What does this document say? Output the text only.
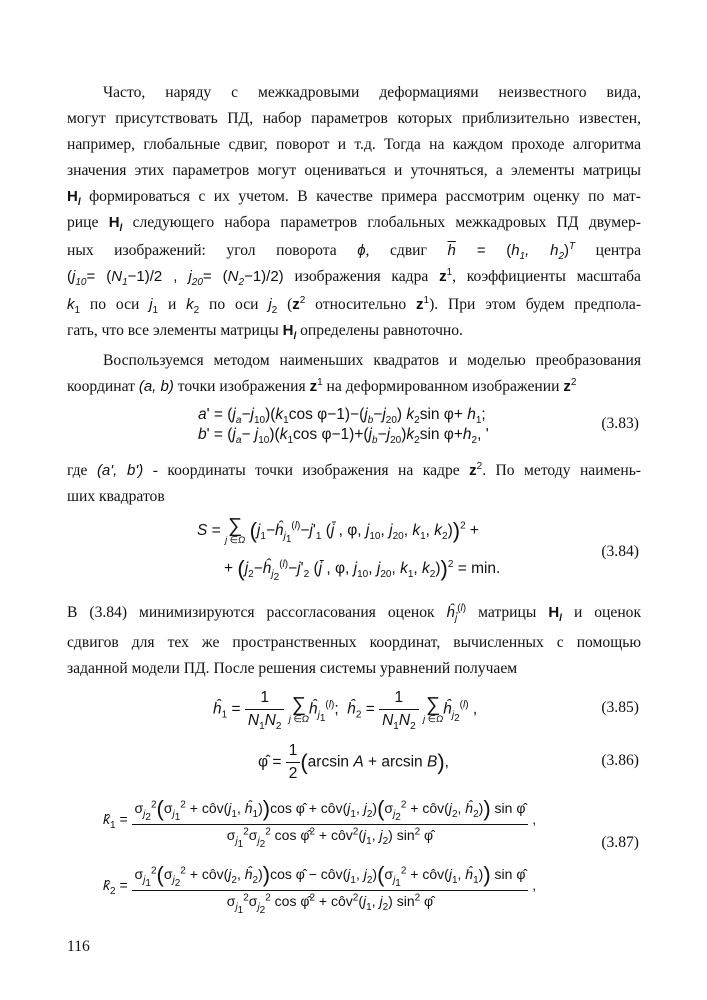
Часто, наряду с межкадровыми деформациями неизвестного вида,

могут присутствовать ПД, набор параметров которых приблизительно известен,

например, глобальные сдвиг, поворот и т.д. Тогда на каждом проходе алгоритма

значения этих параметров могут оцениваться и уточняться, а элементы матрицы

$H_l$ формироваться с их учетом. В качестве примера рассмотрим оценку по мат-

рице $H_l$ следующего набора параметров глобальных межкадровых ПД двумер-

ных изображений: угол поворота ϕ, сдвиг $\overline{h} = (h_1$, $h_2)^T$ центра

($j_{10}= (N_1-1)/2$ , $j_{20}= (N_2-1)/2$) изображения кадра $z^1$, коэффициенты масштаба

$k_1$ по оси $j_1$ и $k_2$ по оси $j_2$ ($z^2$ относительно $z^1$). При этом будем предпола-

гать, что все элементы матрицы $H_l$ определены равноточно.

Воспользуемся методом наименьших квадратов и моделью преобразования

координат (a, b) точки изображения $z^1$ на деформированном изображении $z^2$

$a' = (j_a-j_{10})(k_1\cos$ $\varphi-1)-(j_b-j_{20})$ $k_2\sin$ $\varphi+ h_1$;
$b' = (j_a- j_{10})(k_1\cos$ $\varphi-1)+(j_b-j_{20})k_2\sin$ $\varphi+h_2$, '
(3.83)

где (a', b') - координаты точки изображения на кадре $z^2$. По методу наимень-

ших квадратов

S = ∑
j ∈Ω ($j_1-ĥ_{j_1}^{(l)}-j'_1$ (j̄ , φ, $j_{10}$, $j_{20}$, $k_1$, $k_2))^2$ +
+ ($j_2-ĥ_{j_2}^{(l)}-j'_2$ (j̄ , φ, $j_{10}$, $j_{20}$, $k_1$, $k_2))^2 = \min$.
(3.84)

В (3.84) минимизируются рассогласования оценок $ĥ_{j̄}^{(l)}$ матрицы $H_l$ и оценок

сдвигов для тех же пространственных координат, вычисленных с помощью

заданной модели ПД. После решения системы уравнений получаем

$ĥ_1 = \frac{1}{N_1N_2}$
∑
j ∈Ω
$ĥ_{j_1}^{(l)}$;  $ĥ_2 = \frac{1}{N_1N_2}$
∑
j ∈Ω
$ĥ_{j_2}^{(l)}$ ,	(3.85)
φ̂ = $\frac{1}{2} (\arcsin$ A + arcsin B),	(3.86)
$k̂_1$ =
$\sigma_{j_2}^2(\sigma_{j_1}^2$ + $côv(j_1$, $ĥ_1))\cos$ φ̂ + $côv(j_1$, $j_2)(\sigma_{j_2}^2$ + $côv(j_2$, $ĥ_2$)) sin φ̂
$\sigma_{j_1}^2\sigma_{j_2}^2$ cos φ̂$^2$ + $côv^2(j_1$, $j_2$) $\sin^2$ φ̂
,
$k̂_2$ =
$\sigma_{j_1}^2(\sigma_{j_2}^2$ + $côv(j_2$, $ĥ_2))\cos$ φ̂ − $côv(j_1$, $j_2)(\sigma_{j_1}^2$ + $côv(j_1$, $ĥ_1$)) sin φ̂
$\sigma_{j_1}^2\sigma_{j_2}^2$ cos φ̂$^2$ + $côv^2(j_1$, $j_2$) $\sin^2$ φ̂
,
(3.87)
116
